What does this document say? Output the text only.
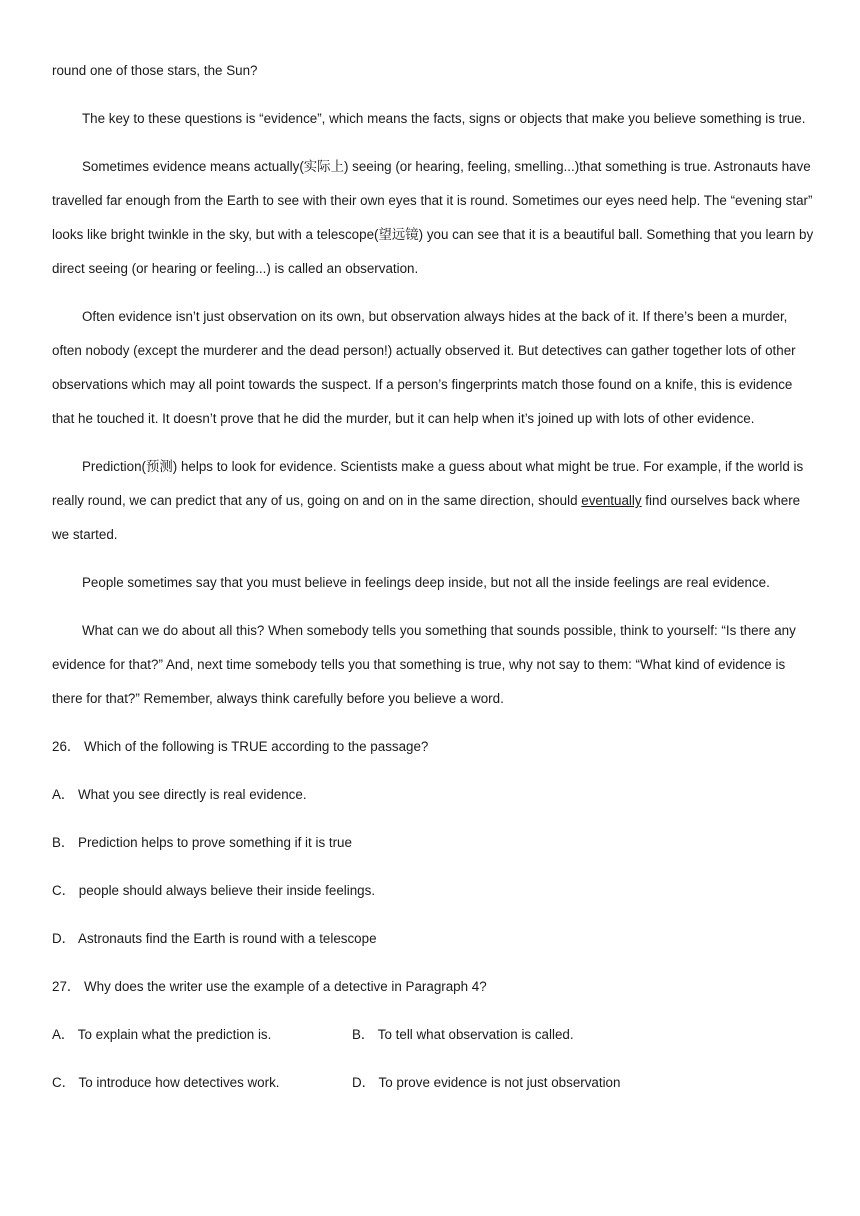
round one of those stars, the Sun?

The key to these questions is “evidence”, which means the facts, signs or objects that make you believe something is true.

Sometimes evidence means actually(实际上) seeing (or hearing, feeling, smelling...)that something is true. Astronauts have travelled far enough from the Earth to see with their own eyes that it is round. Sometimes our eyes need help. The “evening star” looks like bright twinkle in the sky, but with a telescope(望远镜) you can see that it is a beautiful ball. Something that you learn by direct seeing (or hearing or feeling...) is called an observation.

Often evidence isn’t just observation on its own, but observation always hides at the back of it. If there’s been a murder, often nobody (except the murderer and the dead person!) actually observed it. But detectives can gather together lots of other observations which may all point towards the suspect. If a person’s fingerprints match those found on a knife, this is evidence that he touched it. It doesn’t prove that he did the murder, but it can help when it’s joined up with lots of other evidence.

Prediction(预测) helps to look for evidence. Scientists make a guess about what might be true. For example, if the world is really round, we can predict that any of us, going on and on in the same direction, should eventually find ourselves back where we started.

People sometimes say that you must believe in feelings deep inside, but not all the inside feelings are real evidence.

What can we do about all this? When somebody tells you something that sounds possible, think to yourself: “Is there any evidence for that?” And, next time somebody tells you that something is true, why not say to them: “What kind of evidence is there for that?” Remember, always think carefully before you believe a word.

26． Which of the following is TRUE according to the passage?

A． What you see directly is real evidence.

B． Prediction helps to prove something if it is true

C． people should always believe their inside feelings.

D． Astronauts find the Earth is round with a telescope

27． Why does the writer use the example of a detective in Paragraph 4?

A． To explain what the prediction is.	B． To tell what observation is called.
C． To introduce how detectives work.	D． To prove evidence is not just observation
